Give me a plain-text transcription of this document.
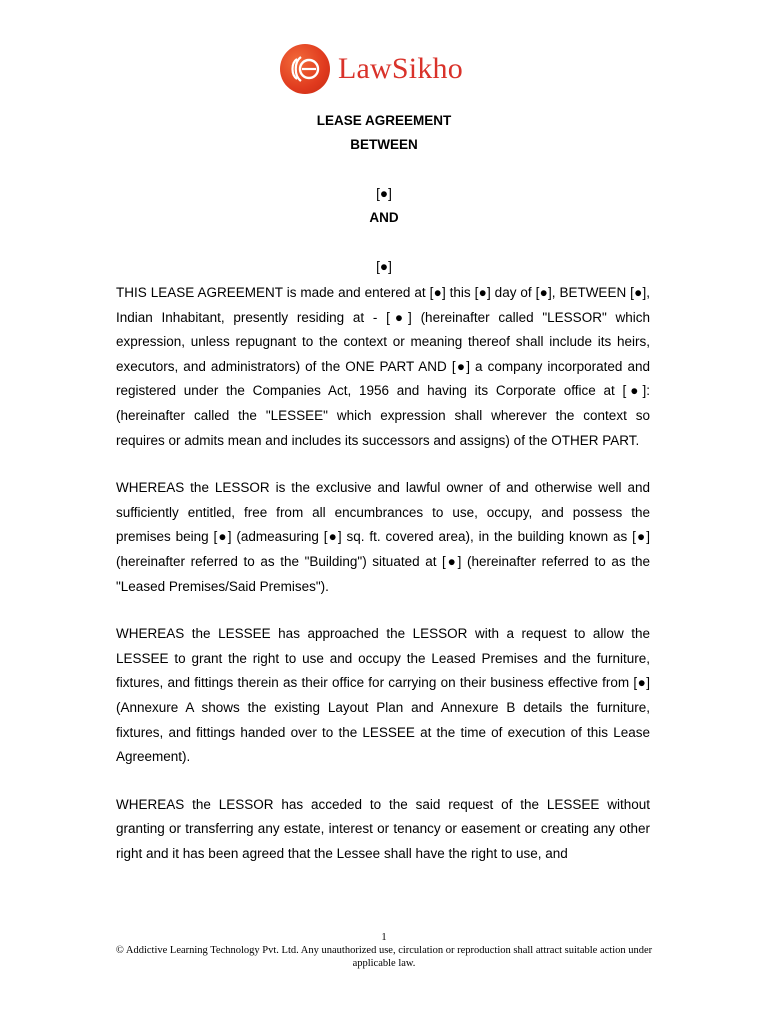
LawSikho
LEASE AGREEMENT
BETWEEN
[●]
AND
[●]

THIS LEASE AGREEMENT is made and entered at [●] this [●] day of [●], BETWEEN [●], Indian Inhabitant, presently residing at - [●] (hereinafter called "LESSOR" which expression, unless repugnant to the context or meaning thereof shall include its heirs, executors, and administrators) of the ONE PART AND [●] a company incorporated and registered under the Companies Act, 1956 and having its Corporate office at [●]: (hereinafter called the "LESSEE" which expression shall wherever the context so requires or admits mean and includes its successors and assigns) of the OTHER PART.

WHEREAS the LESSOR is the exclusive and lawful owner of and otherwise well and sufficiently entitled, free from all encumbrances to use, occupy, and possess the premises being [●] (admeasuring [●] sq. ft. covered area), in the building known as [●] (hereinafter referred to as the "Building") situated at [●] (hereinafter referred to as the "Leased Premises/Said Premises").

WHEREAS the LESSEE has approached the LESSOR with a request to allow the LESSEE to grant the right to use and occupy the Leased Premises and the furniture, fixtures, and fittings therein as their office for carrying on their business effective from [●] (Annexure A shows the existing Layout Plan and Annexure B details the furniture, fixtures, and fittings handed over to the LESSEE at the time of execution of this Lease Agreement).

WHEREAS the LESSOR has acceded to the said request of the LESSEE without granting or transferring any estate, interest or tenancy or easement or creating any other right and it has been agreed that the Lessee shall have the right to use, and

1
© Addictive Learning Technology Pvt. Ltd. Any unauthorized use, circulation or reproduction shall attract suitable action under
applicable law.
